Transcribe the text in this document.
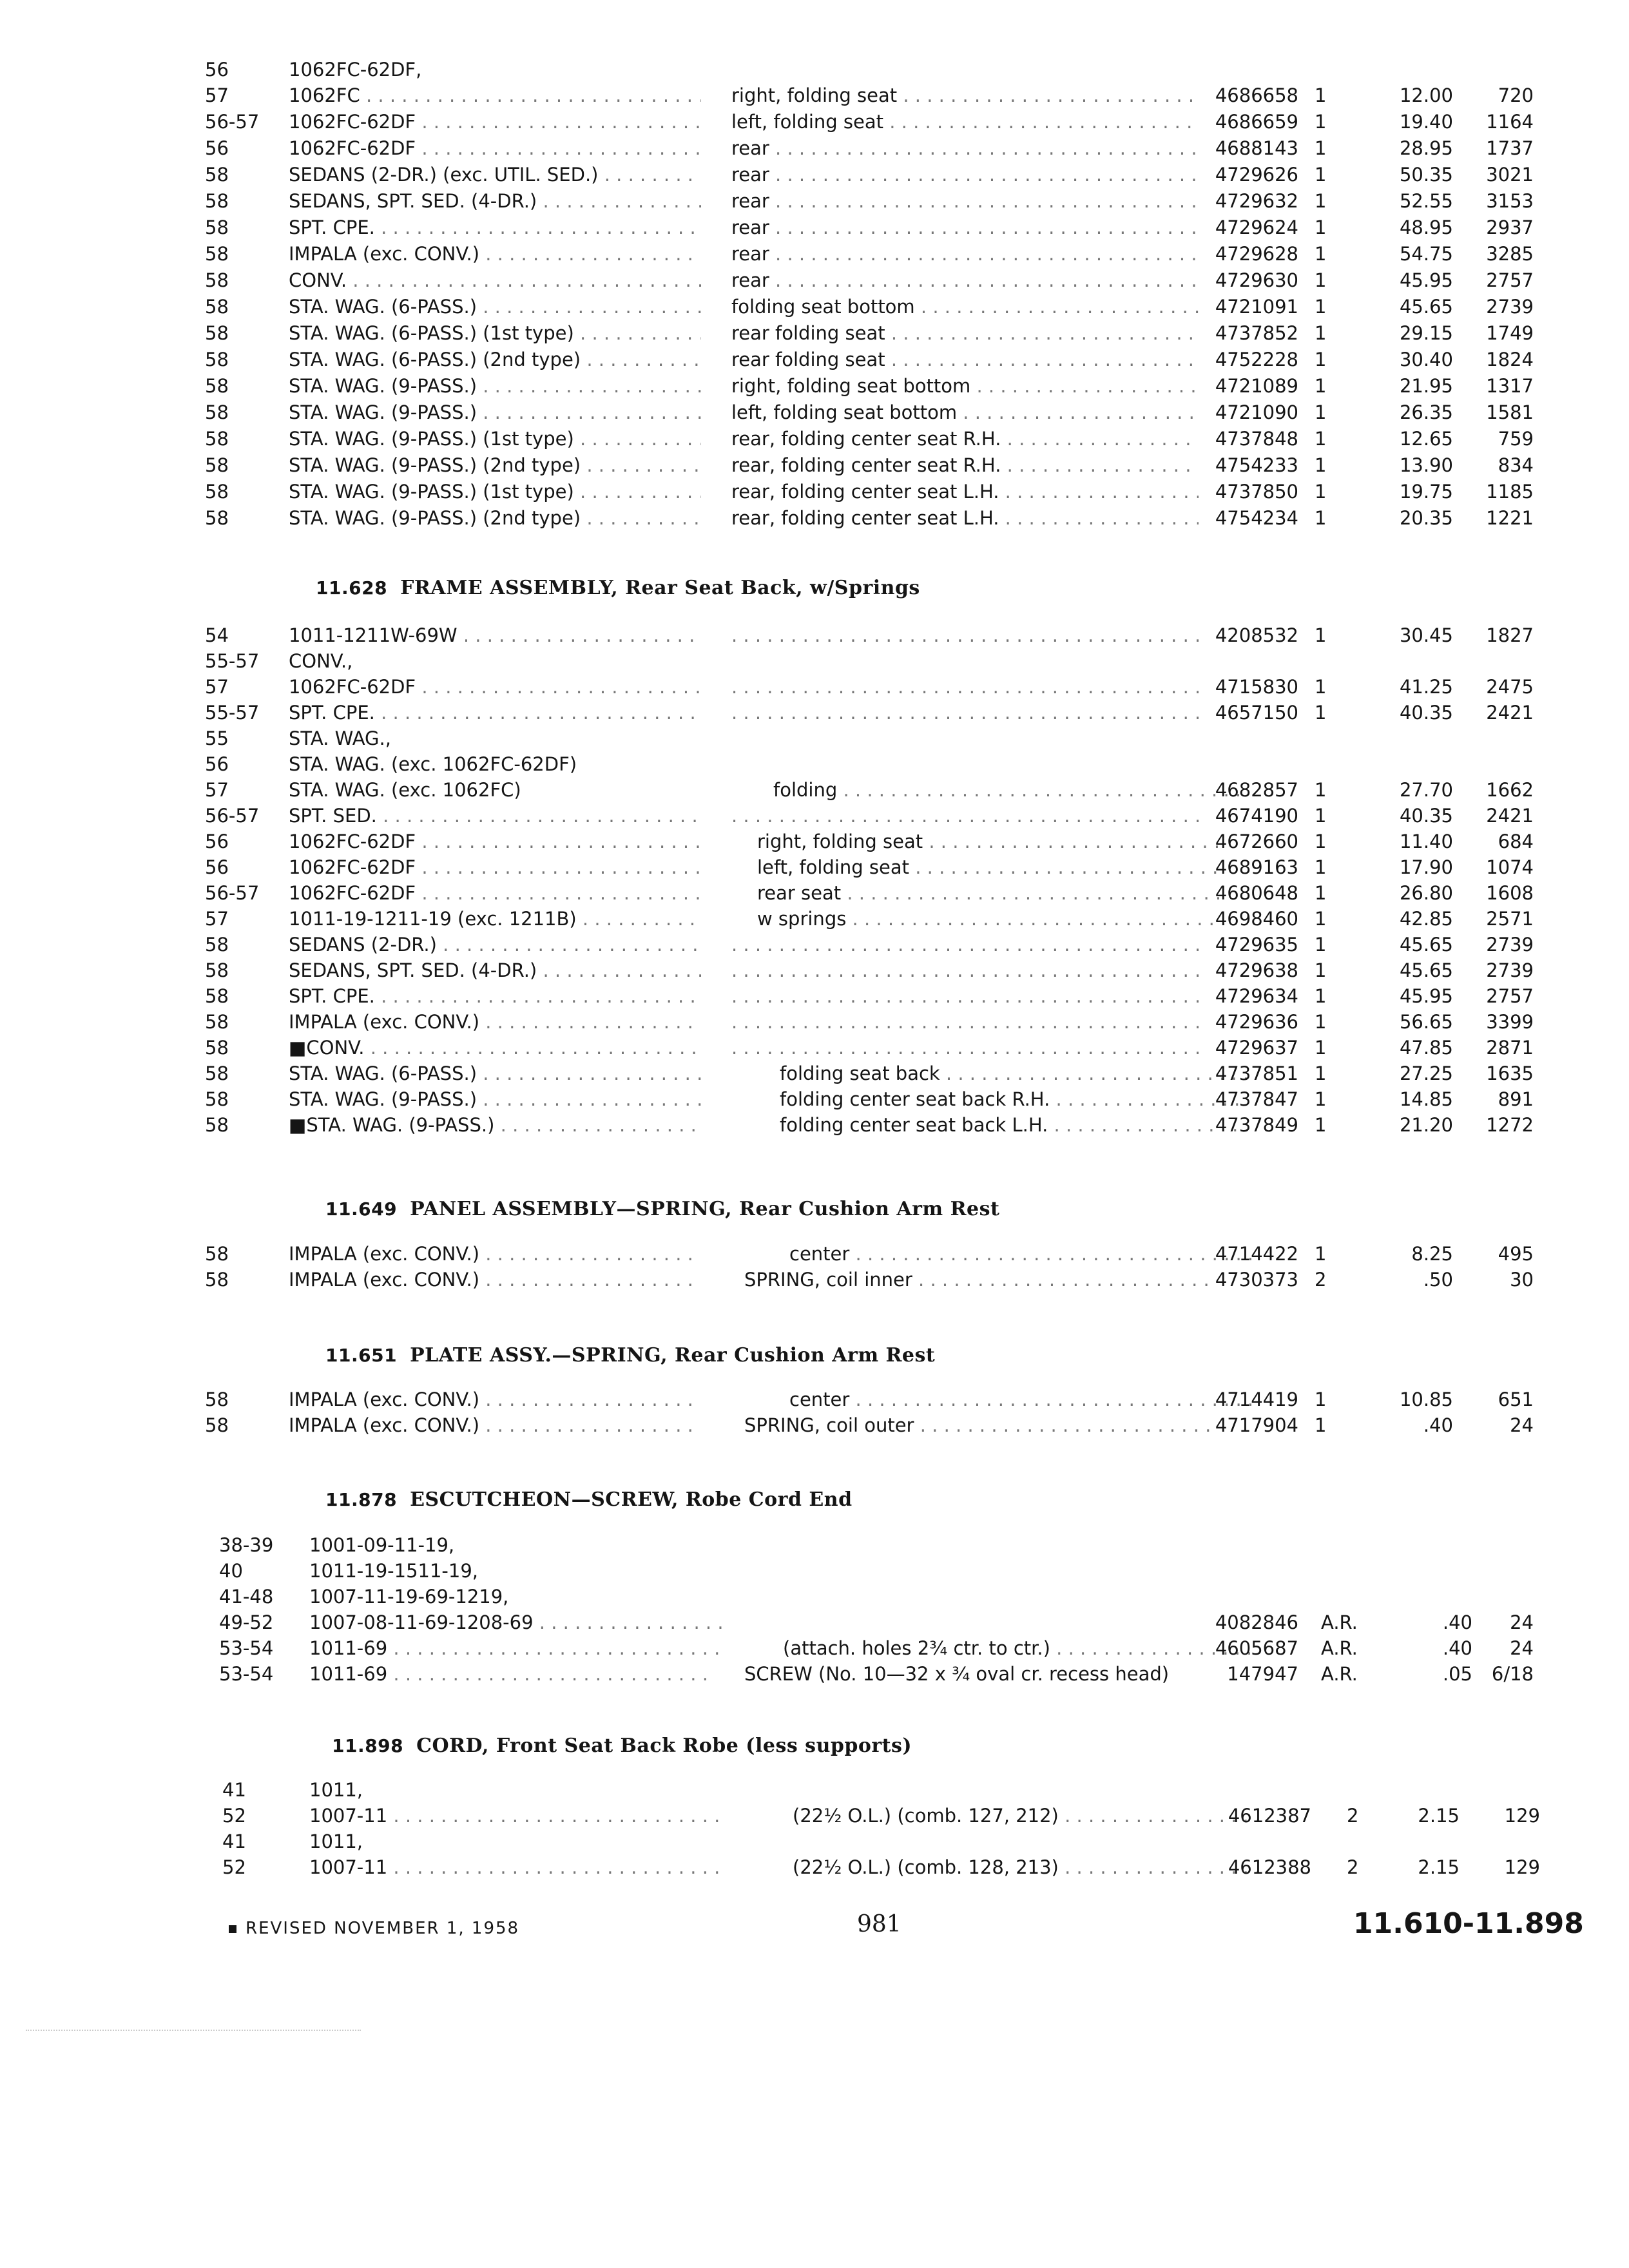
56	1062FC-62DF,
57	1062FC . . .	right, folding seat . . .	4686658 1	12.00	720
56-57 1062FC-62DF . . .	left, folding seat . . .	4686659 1	19.40	1164
56	1062FC-62DF . . .	rear . . .	4688143 1	28.95	1737
58	SEDANS (2-DR.) (exc. UTIL. SED.) . . .	rear . . .	4729626 1	50.35	3021
58	SEDANS, SPT. SED. (4-DR.) . . .	rear . . .	4729632 1	52.55	3153
58	SPT. CPE. . . .	rear . . .	4729624 1	48.95	2937
58	IMPALA (exc. CONV.) . . .	rear . . .	4729628 1	54.75	3285
58	CONV. . . .	rear . . .	4729630 1	45.95	2757
58	STA. WAG. (6-PASS.) . . .	folding seat bottom . . .	4721091 1	45.65	2739
58	STA. WAG. (6-PASS.) (1st type) . . .	rear folding seat . . .	4737852 1	29.15	1749
58	STA. WAG. (6-PASS.) (2nd type) . . .	rear folding seat . . .	4752228 1	30.40	1824
58	STA. WAG. (9-PASS.) . . .	right, folding seat bottom . . .	4721089 1	21.95	1317
58	STA. WAG. (9-PASS.) . . .	left, folding seat bottom . . .	4721090 1	26.35	1581
58	STA. WAG. (9-PASS.) (1st type) . . .	rear, folding center seat R.H. . . .	4737848 1	12.65	759
58	STA. WAG. (9-PASS.) (2nd type) . . .	rear, folding center seat R.H. . . .	4754233 1	13.90	834
58	STA. WAG. (9-PASS.) (1st type) . . .	rear, folding center seat L.H. . . .	4737850 1	19.75	1185
58	STA. WAG. (9-PASS.) (2nd type) . . .	rear, folding center seat L.H. . . .	4754234 1	20.35	1221
11.628 FRAME ASSEMBLY, Rear Seat Back, w/Springs
54	1011-1211W-69W . . . . . .	4208532 1	30.45	1827
55-57 CONV.,
57	1062FC-62DF . . . . . .	4715830 1	41.25	2475
55-57 SPT. CPE. . . . . . .	4657150 1	40.35	2421
55	STA. WAG.,
56	STA. WAG. (exc. 1062FC-62DF)
57	STA. WAG. (exc. 1062FC)	folding . . .	4682857 1	27.70	1662
56-57 SPT. SED. . . . . . .	4674190 1	40.35	2421
56	1062FC-62DF . . .	right, folding seat . . .	4672660 1	11.40	684
56	1062FC-62DF . . .	left, folding seat . . .	4689163 1	17.90	1074
56-57 1062FC-62DF . . .	rear seat . . .	4680648 1	26.80	1608
57	1011-19-1211-19 (exc. 1211B) . . .	w springs . . .	4698460 1	42.85	2571
58	SEDANS (2-DR.) . . . . . .	4729635 1	45.65	2739
58	SEDANS, SPT. SED. (4-DR.) . . . . . .	4729638 1	45.65	2739
58	SPT. CPE. . . . . . .	4729634 1	45.95	2757
58	IMPALA (exc. CONV.) . . . . . .	4729636 1	56.65	3399
58	■CONV. . . . . . .	4729637 1	47.85	2871
58	STA. WAG. (6-PASS.) . . .	folding seat back . . .	4737851 1	27.25	1635
58	STA. WAG. (9-PASS.) . . .	folding center seat back R.H. . . .	4737847 1	14.85	891
58	■STA. WAG. (9-PASS.) . . .	folding center seat back L.H. . . .	4737849 1	21.20	1272
11.649 PANEL ASSEMBLY—SPRING, Rear Cushion Arm Rest
58	IMPALA (exc. CONV.) . . .	center . . .	4714422 1	8.25	495
58	IMPALA (exc. CONV.) . . .	SPRING, coil inner . . .	4730373 2	.50	30
11.651 PLATE ASSY.—SPRING, Rear Cushion Arm Rest
58	IMPALA (exc. CONV.) . . .	center . . .	4714419 1	10.85	651
58	IMPALA (exc. CONV.) . . .	SPRING, coil outer . . .	4717904 1	.40	24
11.878 ESCUTCHEON—SCREW, Robe Cord End
38-39 1001-09-11-19,
40	1011-19-1511-19,
41-48 1007-11-19-69-1219,
49-52 1007-08-11-69-1208-69 . . .	4082846 A.R.	.40	24
53-54 1011-69 . . .	(attach. holes 2¾ ctr. to ctr.) . . .	4605687 A.R.	.40	24
53-54 1011-69 . . .	SCREW (No. 10—32 x ¾ oval cr. recess head)	147947 A.R.	.05	6/18
11.898 CORD, Front Seat Back Robe (less supports)
41	1011,
52	1007-11 . . .	(22½ O.L.) (comb. 127, 212) . . .	4612387 2	2.15	129
41	1011,
52	1007-11 . . .	(22½ O.L.) (comb. 128, 213) . . .	4612388 2	2.15	129
REVISED NOVEMBER 1, 1958	981	11.610-11.898
